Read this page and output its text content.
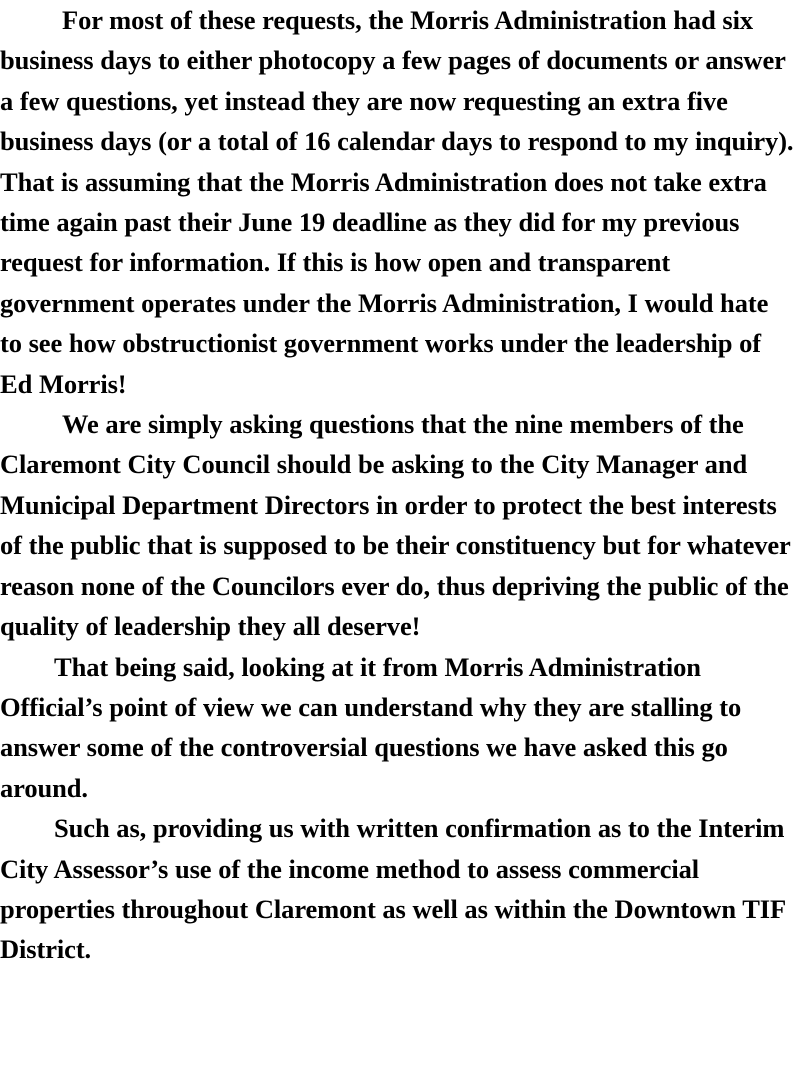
For most of these requests, the Morris Administration had six business days to either photocopy a few pages of documents or answer a few questions, yet instead they are now requesting an extra five business days (or a total of 16 calendar days to respond to my inquiry). That is assuming that the Morris Administration does not take extra time again past their June 19 deadline as they did for my previous request for information. If this is how open and transparent government operates under the Morris Administration, I would hate to see how obstructionist government works under the leadership of Ed Morris!

We are simply asking questions that the nine members of the Claremont City Council should be asking to the City Manager and Municipal Department Directors in order to protect the best interests of the public that is supposed to be their constituency but for whatever reason none of the Councilors ever do, thus depriving the public of the quality of leadership they all deserve!

That being said, looking at it from Morris Administration Official’s point of view we can understand why they are stalling to answer some of the controversial questions we have asked this go around.

Such as, providing us with written confirmation as to the Interim City Assessor’s use of the income method to assess commercial properties throughout Claremont as well as within the Downtown TIF District.
